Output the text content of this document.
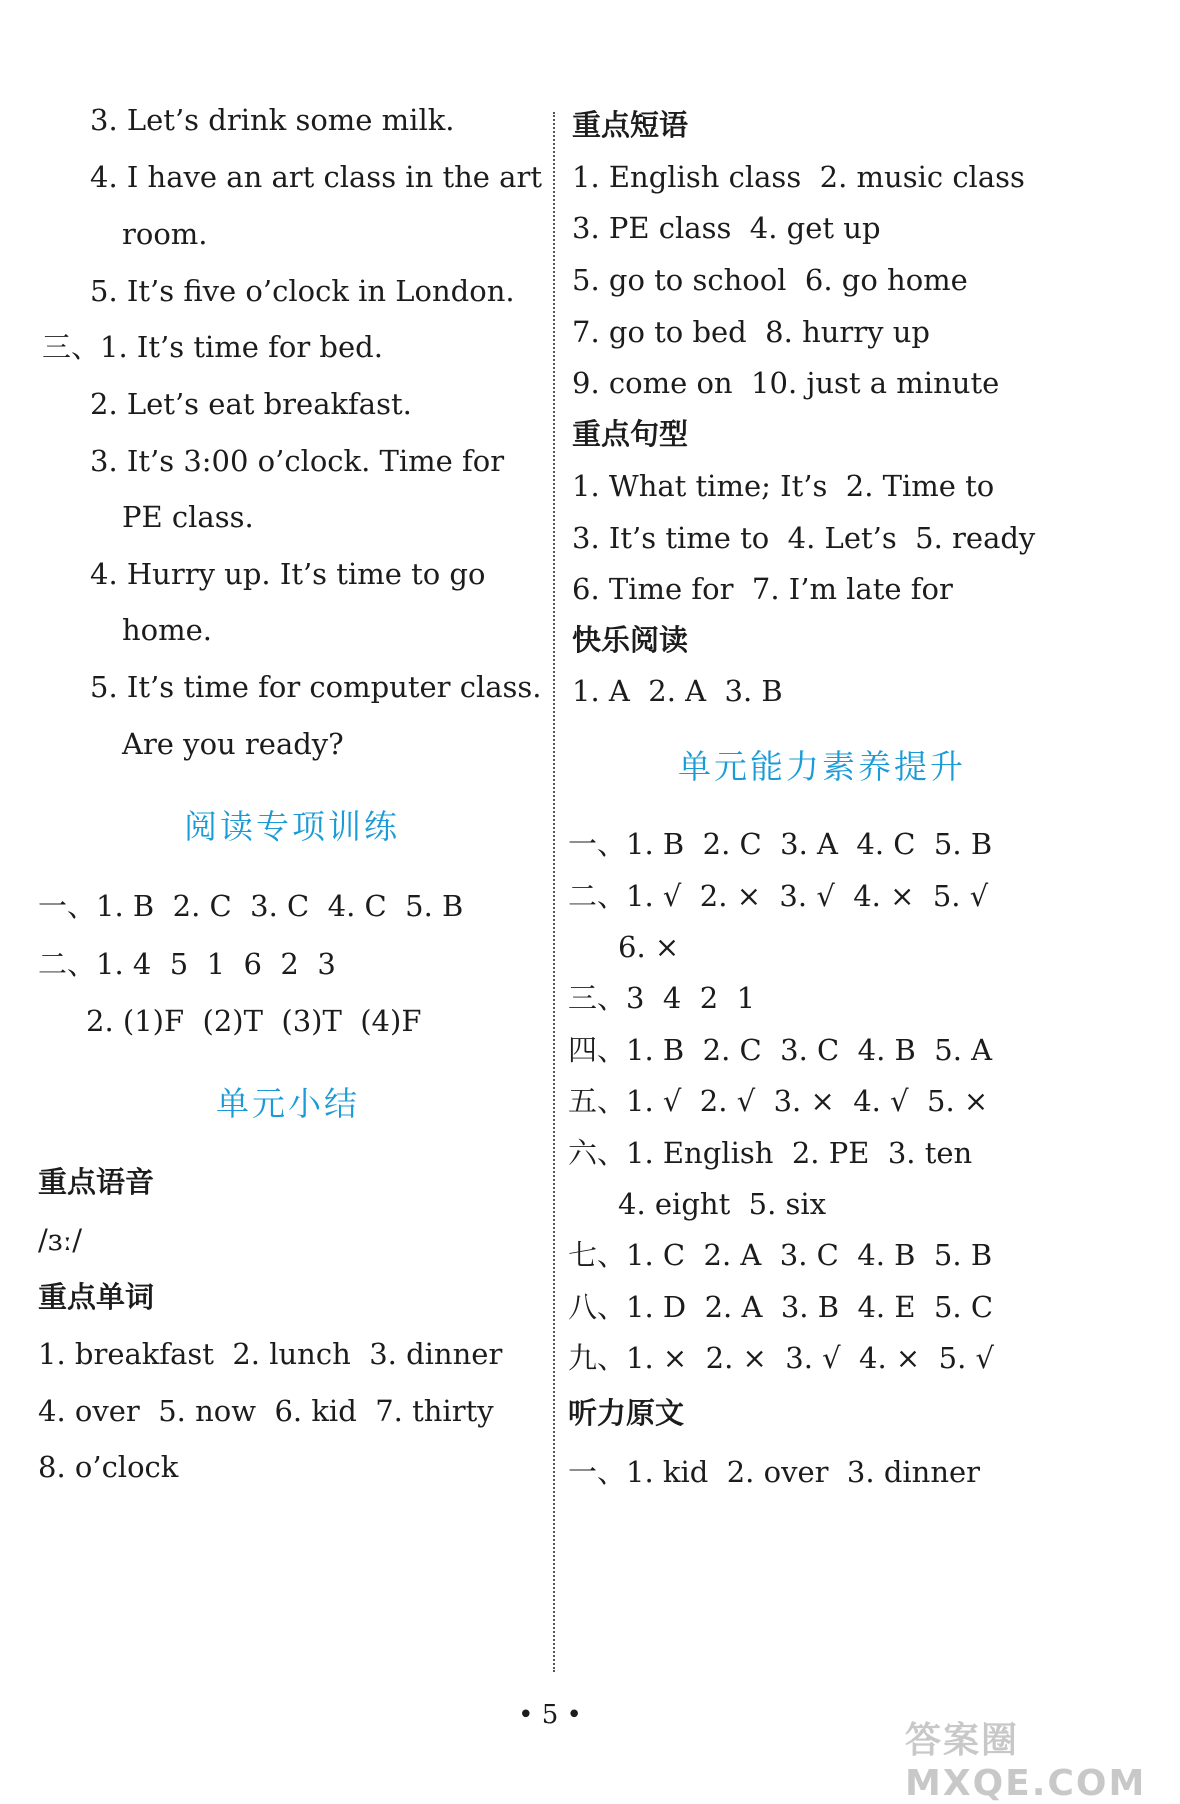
3. Let’s drink some milk.
4. I have an art class in the art
room.
5. It’s five o’clock in London.
三、1. It’s time for bed.
2. Let’s eat breakfast.
3. It’s 3:00 o’clock. Time for
PE class.
4. Hurry up. It’s time to go
home.
5. It’s time for computer class.
Are you ready?
阅读专项训练
一、1. B  2. C  3. C  4. C  5. B
二、1. 4  5  1  6  2  3
2. (1)F  (2)T  (3)T  (4)F
单元小结
重点语音
/ɜː/
重点单词
1. breakfast  2. lunch  3. dinner
4. over  5. now  6. kid  7. thirty
8. o’clock
重点短语
1. English class  2. music class
3. PE class  4. get up
5. go to school  6. go home
7. go to bed  8. hurry up
9. come on  10. just a minute
重点句型
1. What time; It’s  2. Time to
3. It’s time to  4. Let’s  5. ready
6. Time for  7. I’m late for
快乐阅读
1. A  2. A  3. B
单元能力素养提升
一、1. B  2. C  3. A  4. C  5. B
二、1. √  2. ×  3. √  4. ×  5. √
6. ×
三、3  4  2  1
四、1. B  2. C  3. C  4. B  5. A
五、1. √  2. √  3. ×  4. √  5. ×
六、1. English  2. PE  3. ten
4. eight  5. six
七、1. C  2. A  3. C  4. B  5. B
八、1. D  2. A  3. B  4. E  5. C
九、1. ×  2. ×  3. √  4. ×  5. √
听力原文
一、1. kid  2. over  3. dinner
• 5 •
答案圈 MXQE.COM
